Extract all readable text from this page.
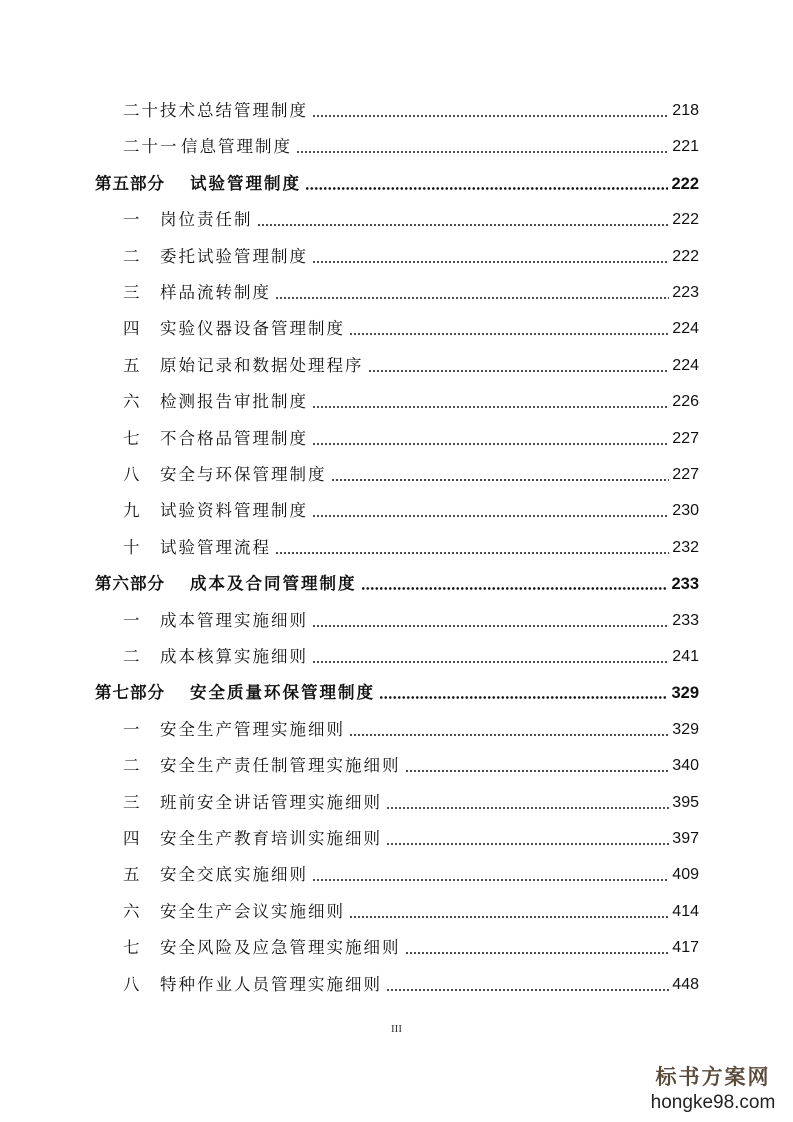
二十 技术总结管理制度	218
二十一 信息管理制度	221
第五部分	试验管理制度	222
一	岗位责任制	222
二	委托试验管理制度	222
三	样品流转制度	223
四	实验仪器设备管理制度	224
五	原始记录和数据处理程序	224
六	检测报告审批制度	226
七	不合格品管理制度	227
八	安全与环保管理制度	227
九	试验资料管理制度	230
十	试验管理流程	232
第六部分	成本及合同管理制度	233
一	成本管理实施细则	233
二	成本核算实施细则	241
第七部分	安全质量环保管理制度	329
一	安全生产管理实施细则	329
二	安全生产责任制管理实施细则	340
三	班前安全讲话管理实施细则	395
四	安全生产教育培训实施细则	397
五	安全交底实施细则	409
六	安全生产会议实施细则	414
七	安全风险及应急管理实施细则	417
八	特种作业人员管理实施细则	448
III
标书方案网
hongke98.com
